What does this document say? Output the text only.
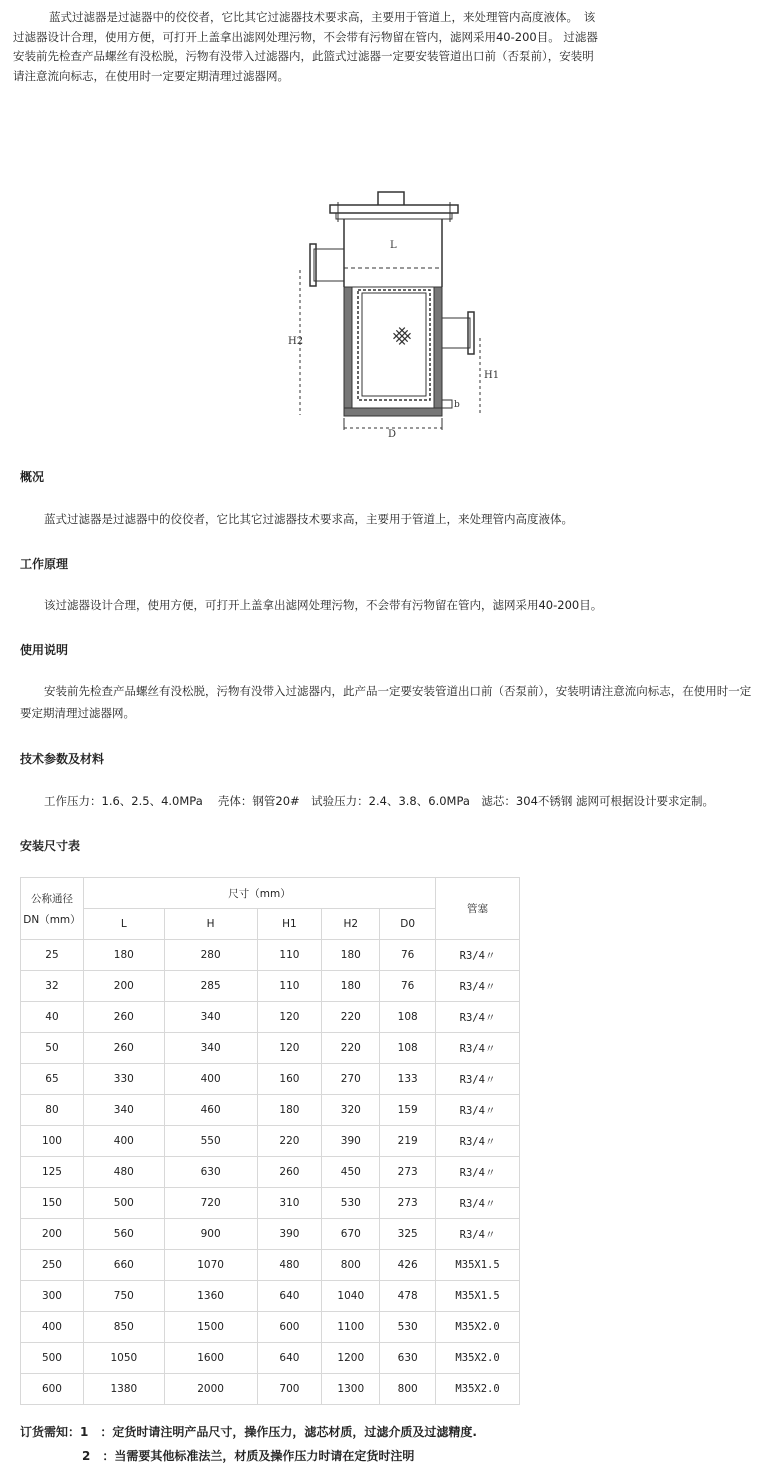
蓝式过滤器是过滤器中的佼佼者，它比其它过滤器技术要求高，主要用于管道上，来处理管内高度液体。　该
过滤器设计合理，使用方便，可打开上盖拿出滤网处理污物，不会带有污物留在管内，滤网采用40-200目。 过滤器
安装前先检查产品螺丝有没松脱，污物有没带入过滤器内，此篮式过滤器一定要安装管道出口前（否泵前），安装明
请注意流向标志，在使用时一定要定期清理过滤器网。
L
H2
H1
D
b
概况

蓝式过滤器是过滤器中的佼佼者，它比其它过滤器技术要求高，主要用于管道上，来处理管内高度液体。

工作原理

该过滤器设计合理，使用方便，可打开上盖拿出滤网处理污物，不会带有污物留在管内，滤网采用40-200目。

使用说明

安装前先检查产品螺丝有没松脱，污物有没带入过滤器内，此产品一定要安装管道出口前（否泵前），安装明请注意流向标志，在使用时一定要定期清理过滤器网。

技术参数及材料

工作压力：1.6、2.5、4.0MPa　 壳体：钢管20#　试验压力：2.4、3.8、6.0MPa　滤芯：304不锈钢 滤网可根据设计要求定制。

安装尺寸表
公称通径
DN（mm）	尺寸（mm）					管塞
	L	H	H1	H2	D0	
25	180	280	110	180	76	R3/4〃
32	200	285	110	180	76	R3/4〃
40	260	340	120	220	108	R3/4〃
50	260	340	120	220	108	R3/4〃
65	330	400	160	270	133	R3/4〃
80	340	460	180	320	159	R3/4〃
100	400	550	220	390	219	R3/4〃
125	480	630	260	450	273	R3/4〃
150	500	720	310	530	273	R3/4〃
200	560	900	390	670	325	R3/4〃
250	660	1070	480	800	426	M35X1.5
300	750	1360	640	1040	478	M35X1.5
400	850	1500	600	1100	530	M35X2.0
500	1050	1600	640	1200	630	M35X2.0
600	1380	2000	700	1300	800	M35X2.0
订货需知：1　：定货时请注明产品尺寸，操作压力，滤芯材质，过滤介质及过滤精度.
2　：当需要其他标准法兰，材质及操作压力时请在定货时注明
